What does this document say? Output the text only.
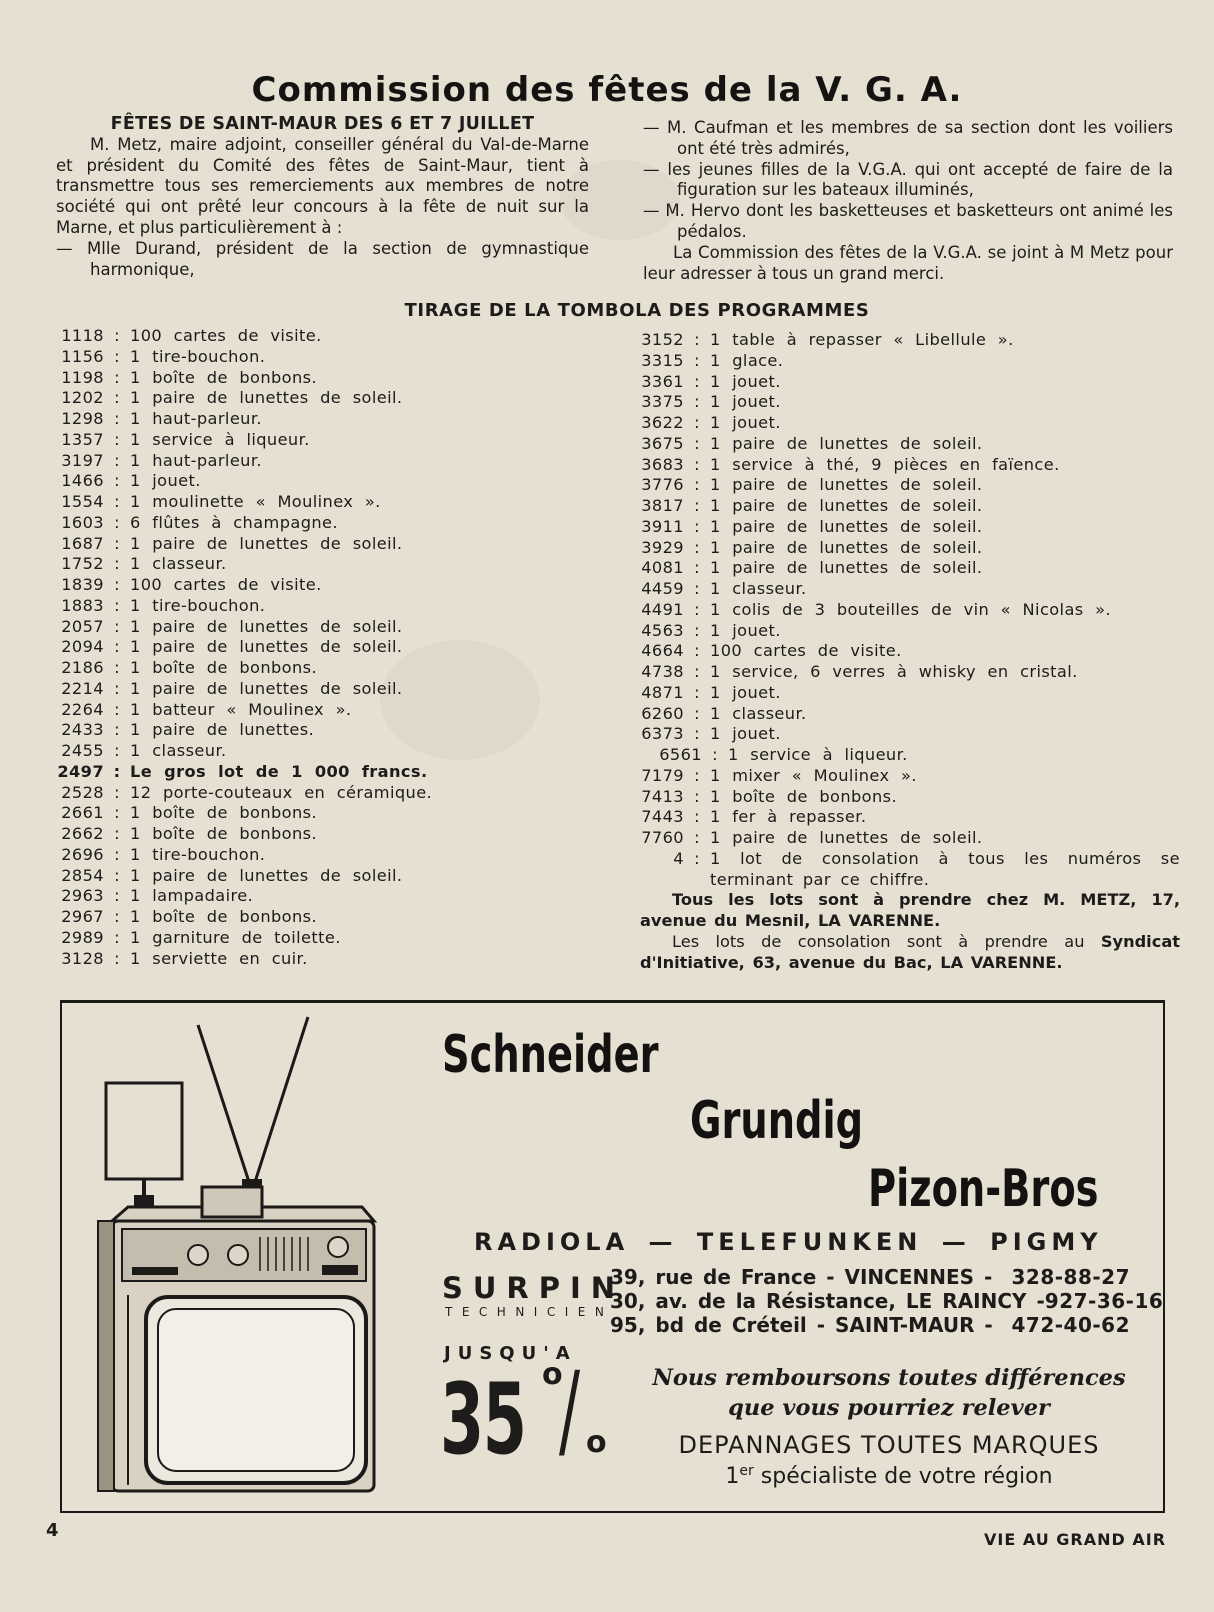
Commission des fêtes de la V. G. A.
FÊTES DE SAINT-MAUR DES 6 ET 7 JUILLET

M. Metz, maire adjoint, conseiller général du Val-de-Marne et président du Comité des fêtes de Saint-Maur, tient à transmettre tous ses remerciements aux membres de notre société qui ont prêté leur concours à la fête de nuit sur la Marne, et plus particulièrement à :

— Mlle Durand, président de la section de gymnastique harmonique,

— M. Caufman et les membres de sa section dont les voiliers ont été très admirés,

— les jeunes filles de la V.G.A. qui ont accepté de faire de la figuration sur les bateaux illuminés,

— M. Hervo dont les basketteuses et basketteurs ont animé les pédalos.

La Commission des fêtes de la V.G.A. se joint à M Metz pour leur adresser à tous un grand merci.

TIRAGE DE LA TOMBOLA DES PROGRAMMES
1118 : 100 cartes de visite.
1156 : 1 tire-bouchon.
1198 : 1 boîte de bonbons.
1202 : 1 paire de lunettes de soleil.
1298 : 1 haut-parleur.
1357 : 1 service à liqueur.
3197 : 1 haut-parleur.
1466 : 1 jouet.
1554 : 1 moulinette « Moulinex ».
1603 : 6 flûtes à champagne.
1687 : 1 paire de lunettes de soleil.
1752 : 1 classeur.
1839 : 100 cartes de visite.
1883 : 1 tire-bouchon.
2057 : 1 paire de lunettes de soleil.
2094 : 1 paire de lunettes de soleil.
2186 : 1 boîte de bonbons.
2214 : 1 paire de lunettes de soleil.
2264 : 1 batteur « Moulinex ».
2433 : 1 paire de lunettes.
2455 : 1 classeur.
2497 : Le gros lot de 1 000 francs.
2528 : 12 porte-couteaux en céramique.
2661 : 1 boîte de bonbons.
2662 : 1 boîte de bonbons.
2696 : 1 tire-bouchon.
2854 : 1 paire de lunettes de soleil.
2963 : 1 lampadaire.
2967 : 1 boîte de bonbons.
2989 : 1 garniture de toilette.
3128 : 1 serviette en cuir.
3152 : 1 table à repasser « Libellule ».
3315 : 1 glace.
3361 : 1 jouet.
3375 : 1 jouet.
3622 : 1 jouet.
3675 : 1 paire de lunettes de soleil.
3683 : 1 service à thé, 9 pièces en faïence.
3776 : 1 paire de lunettes de soleil.
3817 : 1 paire de lunettes de soleil.
3911 : 1 paire de lunettes de soleil.
3929 : 1 paire de lunettes de soleil.
4081 : 1 paire de lunettes de soleil.
4459 : 1 classeur.
4491 : 1 colis de 3 bouteilles de vin « Nicolas ».
4563 : 1 jouet.
4664 : 100 cartes de visite.
4738 : 1 service, 6 verres à whisky en cristal.
4871 : 1 jouet.
6260 : 1 classeur.
6373 : 1 jouet.
6561 : 1 service à liqueur.
7179 : 1 mixer « Moulinex ».
7413 : 1 boîte de bonbons.
7443 : 1 fer à repasser.
7760 : 1 paire de lunettes de soleil.
4 : 1 lot de consolation à tous les numéros se terminant par ce chiffre.

Tous les lots sont à prendre chez M. METZ, 17, avenue du Mesnil, LA VARENNE.

Les lots de consolation sont à prendre au Syndicat d'Initiative, 63, avenue du Bac, LA VARENNE.

Schneider
Grundig
Pizon-Bros
RADIOLA — TELEFUNKEN — PIGMY
SURPIN
TECHNICIEN
39, rue de France - VINCENNES - 328-88-27
30, av. de la Résistance, LE RAINCY - 927-36-16
95, bd de Créteil - SAINT-MAUR - 472-40-62
JUSQU'A
35 o
/ o
Nous remboursons toutes différences que vous pourriez relever
DEPANNAGES TOUTES MARQUES
1er spécialiste de votre région
4	VIE AU GRAND AIR
